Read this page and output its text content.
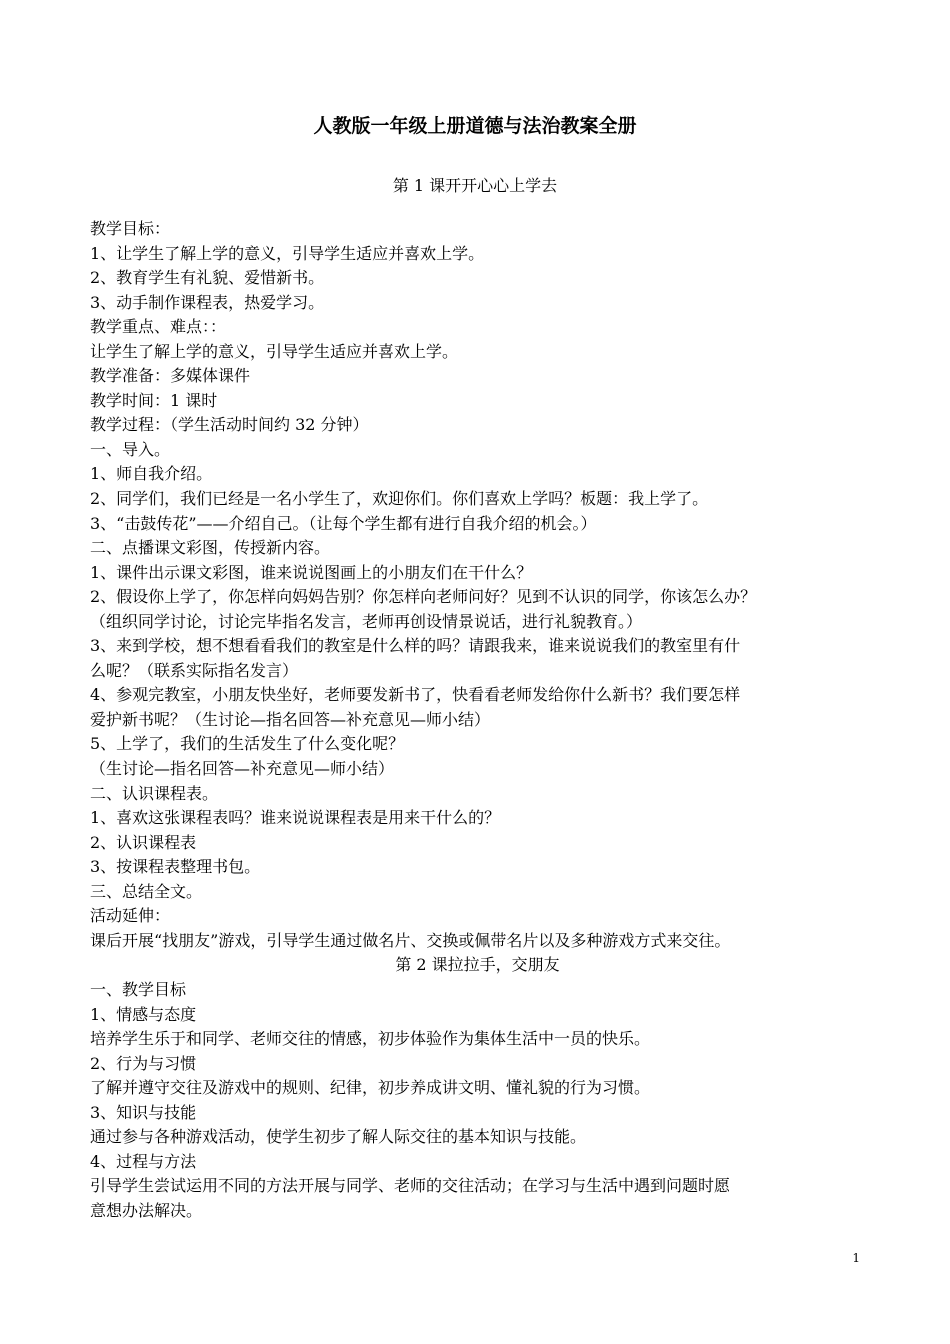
人教版一年级上册道德与法治教案全册
第 1 课开开心心上学去

教学目标：

1、让学生了解上学的意义，引导学生适应并喜欢上学。

2、教育学生有礼貌、爱惜新书。

3、动手制作课程表，热爱学习。

教学重点、难点：：

让学生了解上学的意义，引导学生适应并喜欢上学。

教学准备：多媒体课件

教学时间：1 课时

教学过程：（学生活动时间约 32 分钟）

一、导入。

1、师自我介绍。

2、同学们，我们已经是一名小学生了，欢迎你们。你们喜欢上学吗？板题：我上学了。

3、“击鼓传花”——介绍自己。（让每个学生都有进行自我介绍的机会。）

二、点播课文彩图，传授新内容。

1、课件出示课文彩图，谁来说说图画上的小朋友们在干什么？

2、假设你上学了，你怎样向妈妈告别？你怎样向老师问好？见到不认识的同学，你该怎么办？

（组织同学讨论，讨论完毕指名发言，老师再创设情景说话，进行礼貌教育。）

3、来到学校，想不想看看我们的教室是什么样的吗？请跟我来，谁来说说我们的教室里有什

么呢？（联系实际指名发言）

4、参观完教室，小朋友快坐好，老师要发新书了，快看看老师发给你什么新书？我们要怎样

爱护新书呢？（生讨论—指名回答—补充意见—师小结）

5、上学了，我们的生活发生了什么变化呢？

（生讨论—指名回答—补充意见—师小结）

二、认识课程表。

1、喜欢这张课程表吗？谁来说说课程表是用来干什么的？

2、认识课程表

3、按课程表整理书包。

三、总结全文。

活动延伸：

课后开展“找朋友”游戏，引导学生通过做名片、交换或佩带名片以及多种游戏方式来交往。

第 2 课拉拉手，交朋友

一、教学目标

1、情感与态度

培养学生乐于和同学、老师交往的情感，初步体验作为集体生活中一员的快乐。

2、行为与习惯

了解并遵守交往及游戏中的规则、纪律，初步养成讲文明、懂礼貌的行为习惯。

3、知识与技能

通过参与各种游戏活动，使学生初步了解人际交往的基本知识与技能。

4、过程与方法

引导学生尝试运用不同的方法开展与同学、老师的交往活动；在学习与生活中遇到问题时愿

意想办法解决。

1
